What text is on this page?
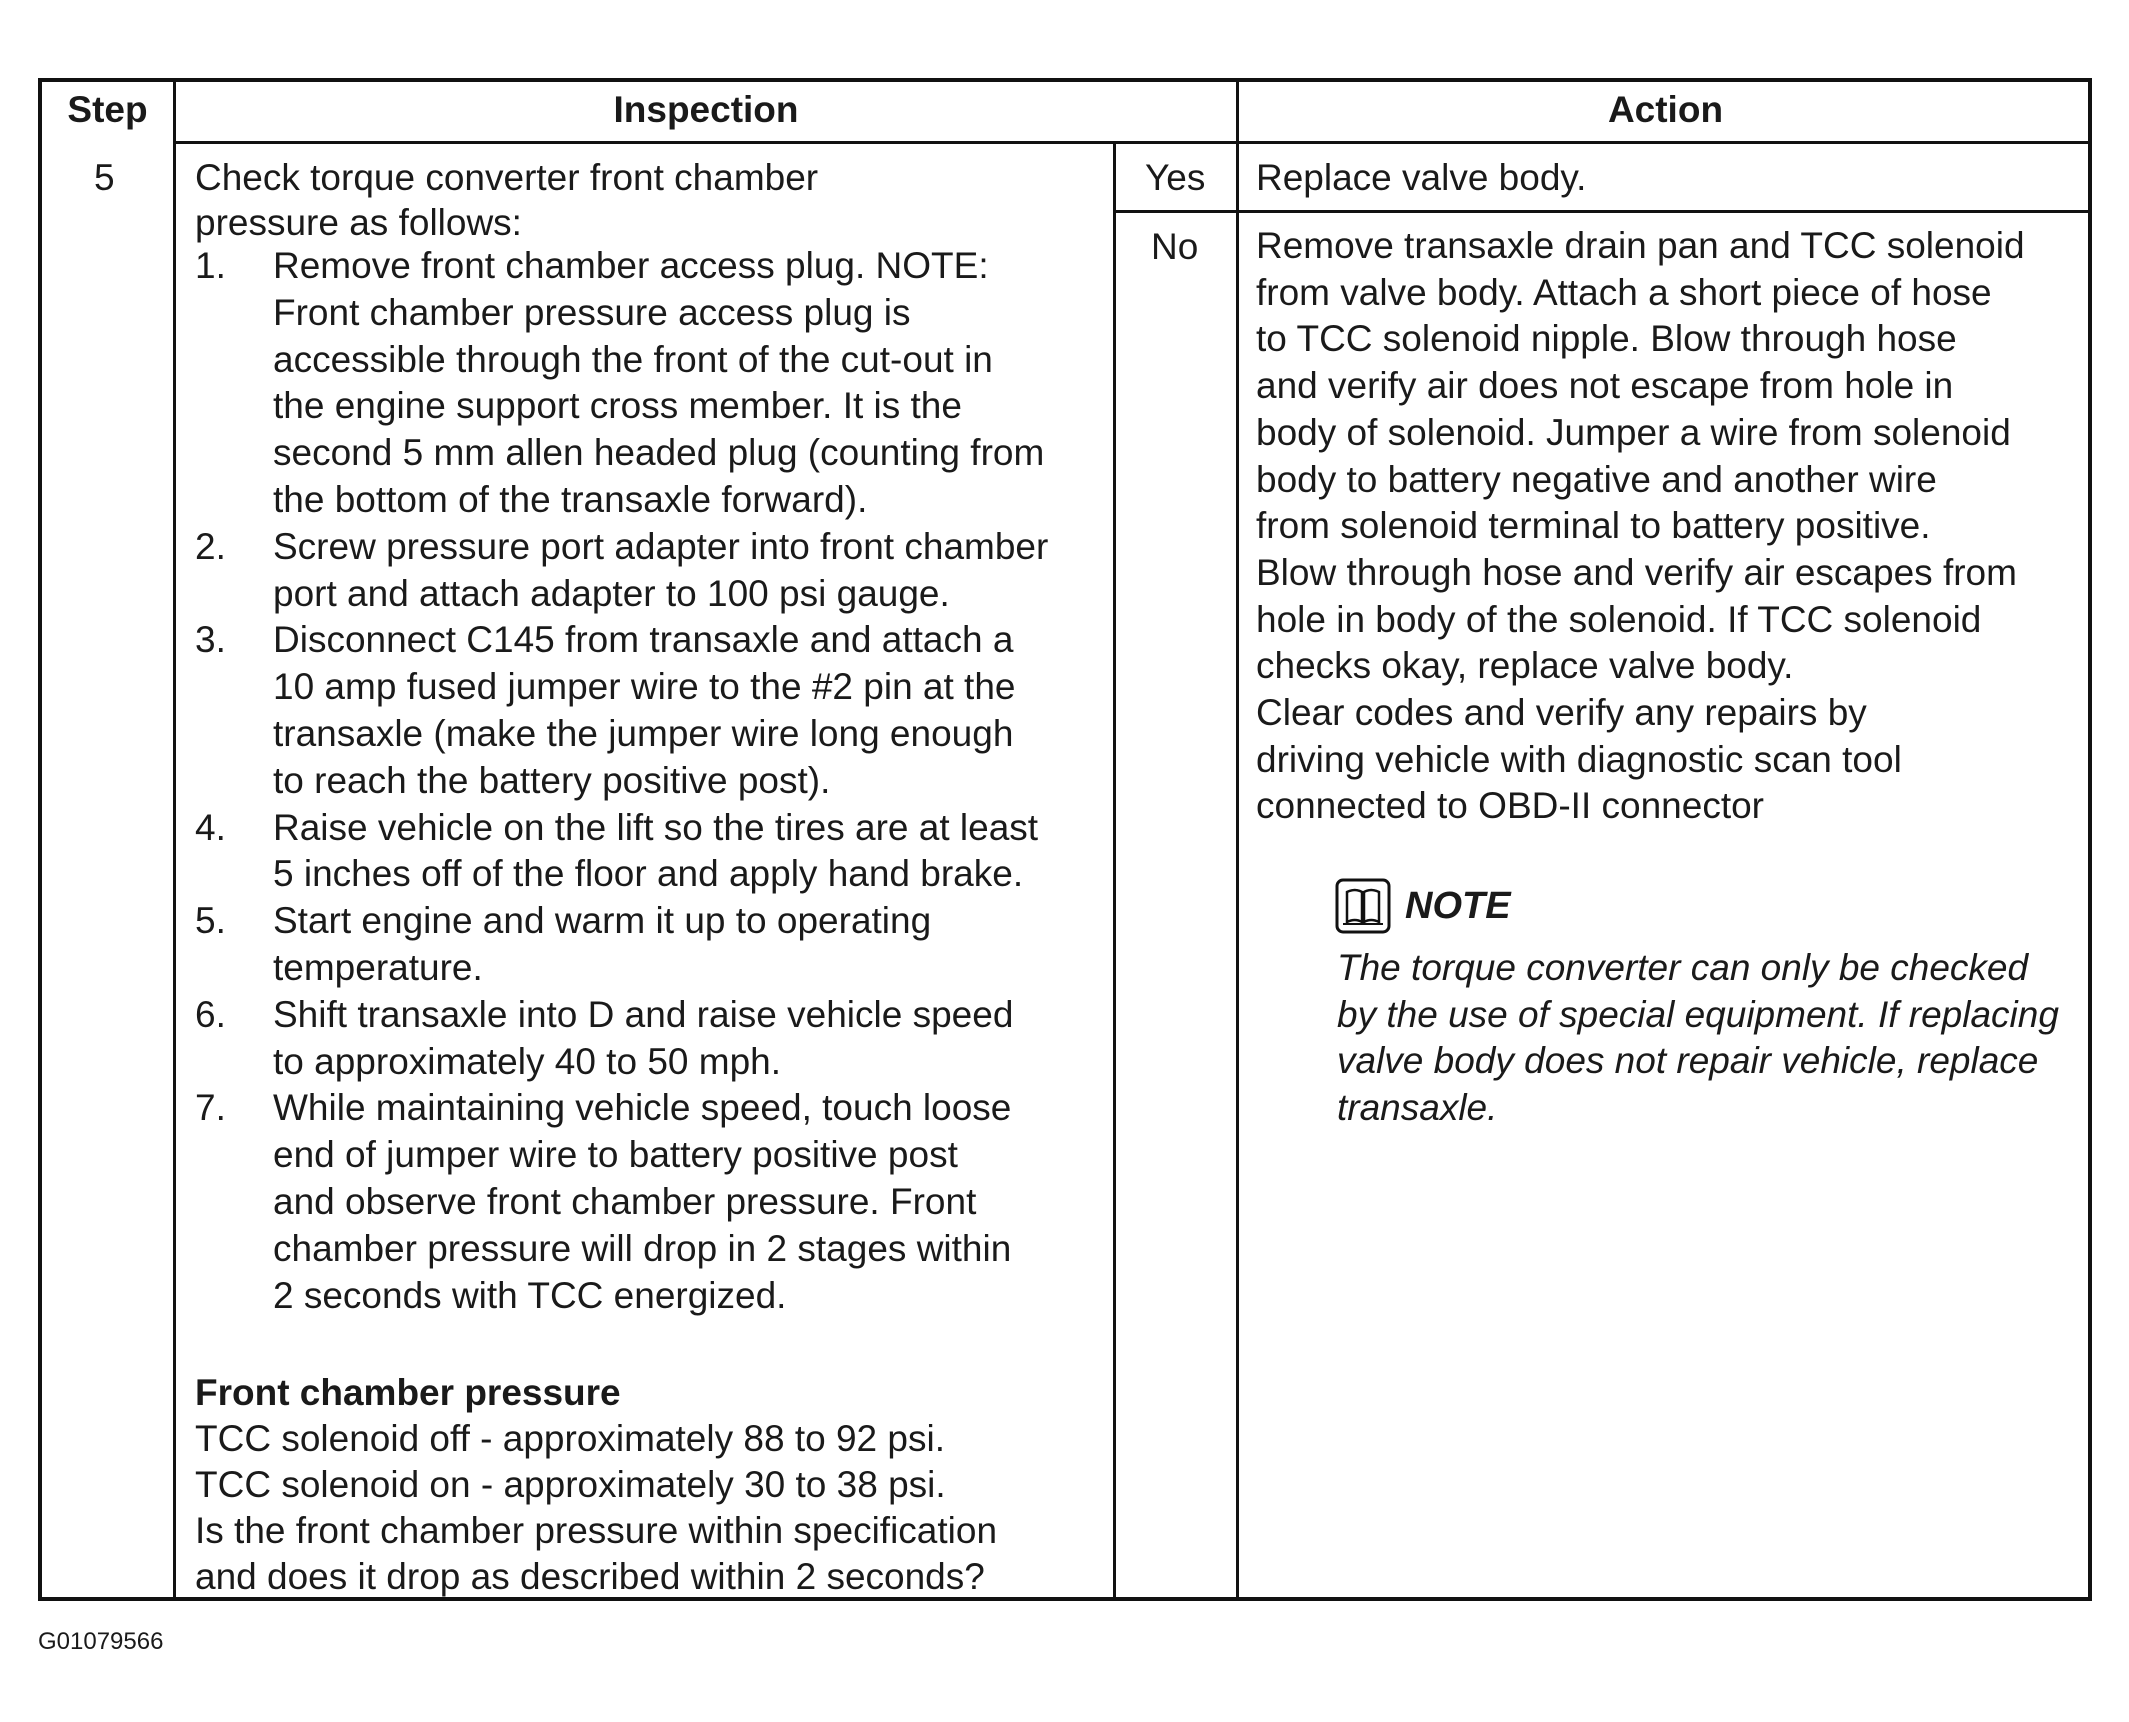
Step	Inspection	Action
5 Check torque converter front chamber
pressure as follows:
1. Remove front chamber access plug. NOTE:
Front chamber pressure access plug is
accessible through the front of the cut-out in
the engine support cross member. It is the
second 5 mm allen headed plug (counting from
the bottom of the transaxle forward).
2. Screw pressure port adapter into front chamber
port and attach adapter to 100 psi gauge.
3. Disconnect C145 from transaxle and attach a
10 amp fused jumper wire to the #2 pin at the
transaxle (make the jumper wire long enough
to reach the battery positive post).
4. Raise vehicle on the lift so the tires are at least
5 inches off of the floor and apply hand brake.
5. Start engine and warm it up to operating
temperature.
6. Shift transaxle into D and raise vehicle speed
to approximately 40 to 50 mph.
7. While maintaining vehicle speed, touch loose
end of jumper wire to battery positive post
and observe front chamber pressure. Front
chamber pressure will drop in 2 stages within
2 seconds with TCC energized.
Front chamber pressure
TCC solenoid off - approximately 88 to 92 psi.
TCC solenoid on - approximately 30 to 38 psi.
Is the front chamber pressure within specification
and does it drop as described within 2 seconds?
Yes Replace valve body.
No Remove transaxle drain pan and TCC solenoid
from valve body. Attach a short piece of hose
to TCC solenoid nipple. Blow through hose
and verify air does not escape from hole in
body of solenoid. Jumper a wire from solenoid
body to battery negative and another wire
from solenoid terminal to battery positive.
Blow through hose and verify air escapes from
hole in body of the solenoid. If TCC solenoid
checks okay, replace valve body.
Clear codes and verify any repairs by
driving vehicle with diagnostic scan tool
connected to OBD-II connector
NOTE
The torque converter can only be checked
by the use of special equipment. If replacing
valve body does not repair vehicle, replace
transaxle.
G01079566
